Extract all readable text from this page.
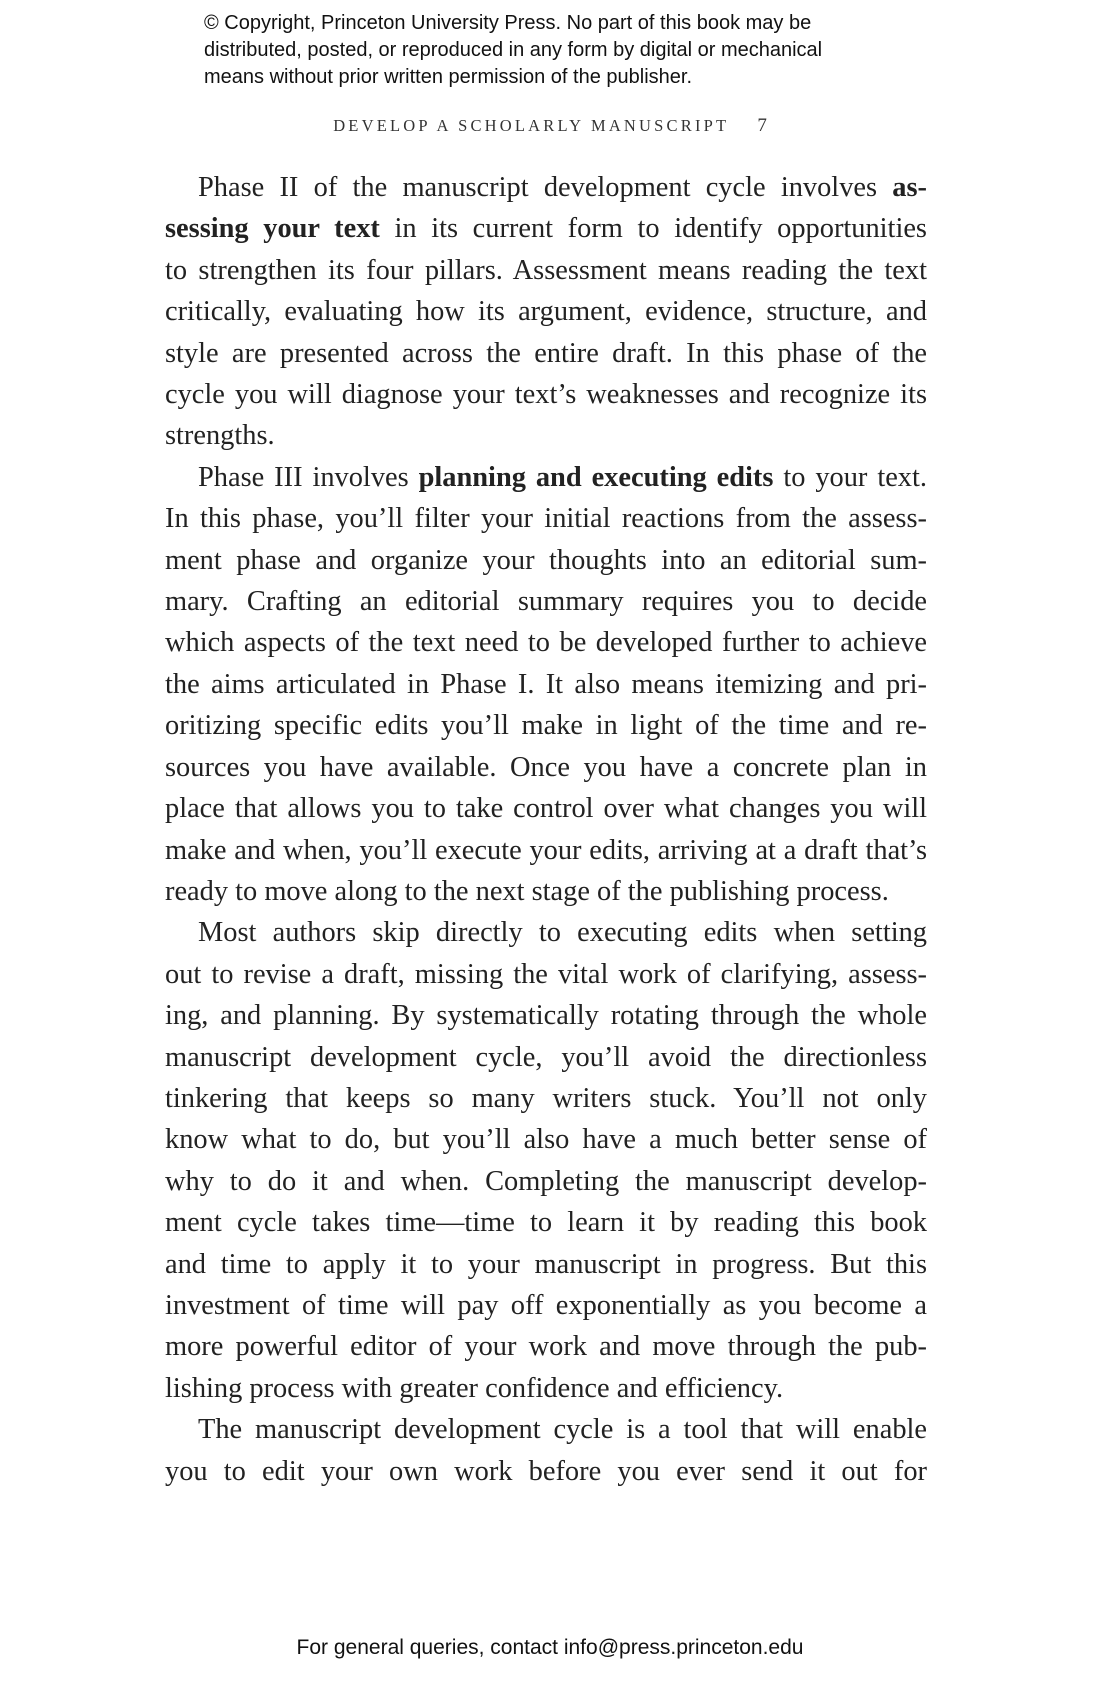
© Copyright, Princeton University Press. No part of this book may be
distributed, posted, or reproduced in any form by digital or mechanical
means without prior written permission of the publisher.
DEVELOP A SCHOLARLY MANUSCRIPT 7

Phase II of the manuscript development cycle involves as-
sessing your text in its current form to identify opportunities
to strengthen its four pillars. Assessment means reading the text
critically, evaluating how its argument, evidence, structure, and
style are presented across the entire draft. In this phase of the
cycle you will diagnose your text’s weaknesses and recognize its
strengths.

Phase III involves planning and executing edits to your text.
In this phase, you’ll filter your initial reactions from the assess-
ment phase and organize your thoughts into an editorial sum-
mary. Crafting an editorial summary requires you to decide
which aspects of the text need to be developed further to achieve
the aims articulated in Phase I. It also means itemizing and pri-
oritizing specific edits you’ll make in light of the time and re-
sources you have available. Once you have a concrete plan in
place that allows you to take control over what changes you will
make and when, you’ll execute your edits, arriving at a draft that’s
ready to move along to the next stage of the publishing process.

Most authors skip directly to executing edits when setting
out to revise a draft, missing the vital work of clarifying, assess-
ing, and planning. By systematically rotating through the whole
manuscript development cycle, you’ll avoid the directionless
tinkering that keeps so many writers stuck. You’ll not only
know what to do, but you’ll also have a much better sense of
why to do it and when. Completing the manuscript develop-
ment cycle takes time—time to learn it by reading this book
and time to apply it to your manuscript in progress. But this
investment of time will pay off exponentially as you become a
more powerful editor of your work and move through the pub-
lishing process with greater confidence and efficiency.

The manuscript development cycle is a tool that will enable
you to edit your own work before you ever send it out for

For general queries, contact info@press.princeton.edu
